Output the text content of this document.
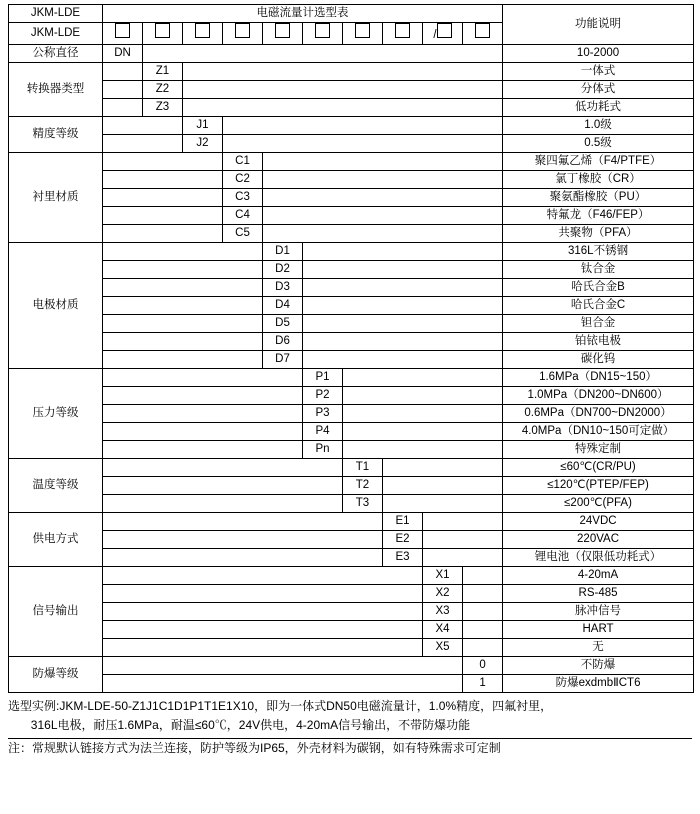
JKM-LDE	电磁流量计选型表										功能说明
JKM-LDE									/		
公称直径	DN										10-2000
转换器类型		Z1									一体式
		Z2									分体式
		Z3									低功耗式
精度等级			J1								1.0级
			J2								0.5级
衬里材质				C1							聚四氟乙烯（F4/PTFE）
				C2							氯丁橡胶（CR）
				C3							聚氨酯橡胶（PU）
				C4							特氟龙（F46/FEP）
				C5							共聚物（PFA）
电极材质					D1						316L不锈钢
					D2						钛合金
					D3						哈氏合金B
					D4						哈氏合金C
					D5						钽合金
					D6						铂铱电极
					D7						碳化钨
压力等级						P1					1.6MPa（DN15~150）
						P2					1.0MPa（DN200~DN600）
						P3					0.6MPa（DN700~DN2000）
						P4					4.0MPa（DN10~150可定做）
						Pn					特殊定制
温度等级							T1				≤60℃(CR/PU)
							T2				≤120℃(PTEP/FEP)
							T3				≤200℃(PFA)
供电方式								E1			24VDC
								E2			220VAC
								E3			锂电池（仅限低功耗式）
信号输出									X1		4-20mA
									X2		RS-485
									X3		脉冲信号
									X4		HART
									X5		无
防爆等级										0	不防爆
										1	防爆exdmbⅡCT6
选型实例:JKM-LDE-50-Z1J1C1D1P1T1E1X10，即为一体式DN50电磁流量计，1.0%精度，四氟衬里，
316L电极，耐压1.6MPa，耐温≤60℃，24V供电，4-20mA信号输出，不带防爆功能
注：常规默认链接方式为法兰连接，防护等级为IP65，外壳材料为碳钢，如有特殊需求可定制
